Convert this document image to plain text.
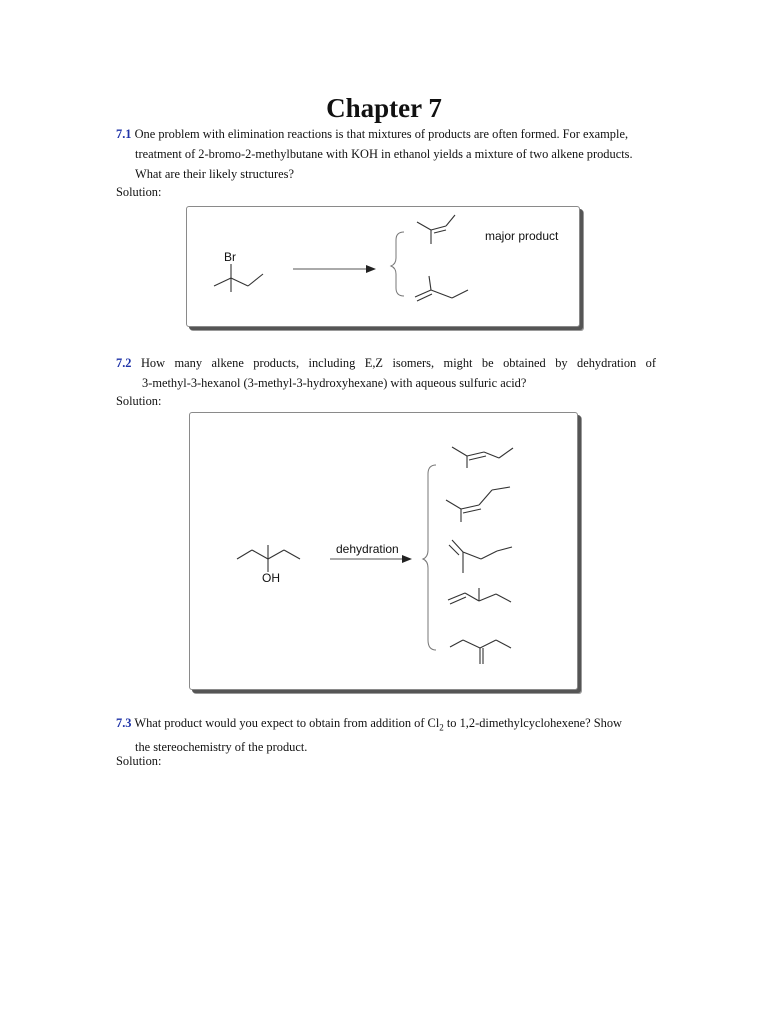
Chapter 7
7.1 One problem with elimination reactions is that mixtures of products are often formed. For example,
treatment of 2-bromo-2-methylbutane with KOH in ethanol yields a mixture of two alkene products.
What are their likely structures?
Solution:
Br
major product
7.2 How many alkene products, including E,Z isomers, might be obtained by dehydration of
3-methyl-3-hexanol (3-methyl-3-hydroxyhexane) with aqueous sulfuric acid?
Solution:
OH
dehydration
7.3 What product would you expect to obtain from addition of $Cl_2$ to 1,2-dimethylcyclohexene? Show
the stereochemistry of the product.
Solution:
